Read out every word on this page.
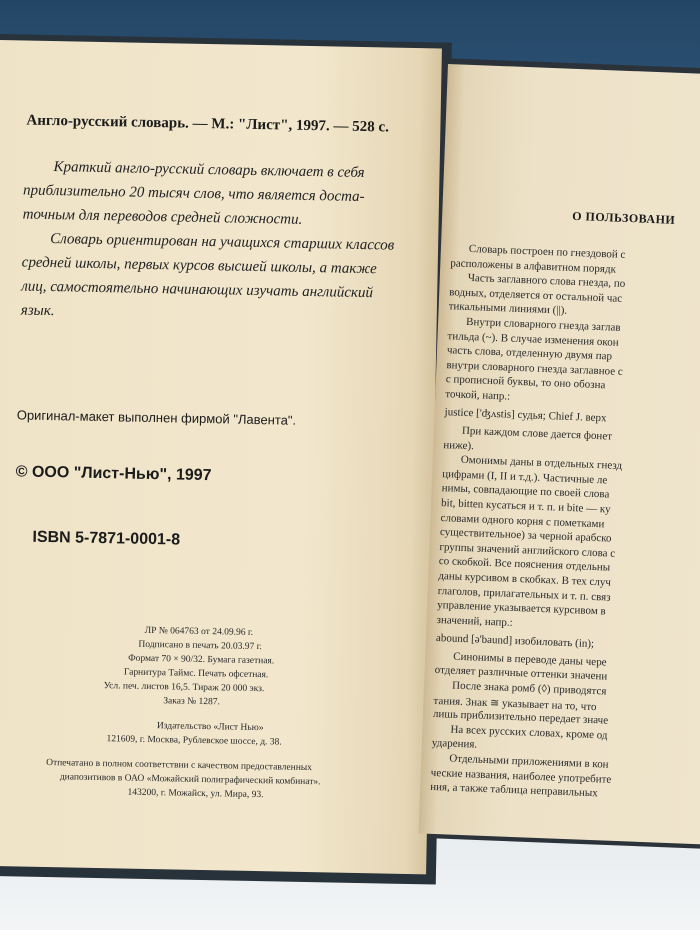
Англо-русский словарь. — М.: "Лист", 1997. — 528 с.
Краткий англо-русский словарь включает в себя
приблизительно 20 тысяч слов, что является доста-
точным для переводов средней сложности.
Словарь ориентирован на учащихся старших классов
средней школы, первых курсов высшей школы, а также
лиц, самостоятельно начинающих изучать английский
язык.
Оригинал-макет выполнен фирмой "Лавента".
© ООО "Лист-Нью", 1997
ISBN 5-7871-0001-8
ЛР № 064763 от 24.09.96 г.
Подписано в печать 20.03.97 г.
Формат 70 × 90/32. Бумага газетная.
Гарнитура Таймс. Печать офсетная.
Усл. печ. листов 16,5. Тираж 20 000 экз.
Заказ № 1287.
Издательство «Лист Нью»
121609, г. Москва, Рублевское шоссе, д. 38.
Отпечатано в полном соответствии с качеством предоставленных
диапозитивов в ОАО «Можайский полиграфический комбинат».
143200, г. Можайск, ул. Мира, 93.
О ПОЛЬЗОВАНИ
Словарь построен по гнездовой с
расположены в алфавитном порядк
Часть заглавного слова гнезда, по
водных, отделяется от остальной час
тикальными линиями (||).
Внутри словарного гнезда заглав
тильда (~). В случае изменения окон
часть слова, отделенную двумя пар
внутри словарного гнезда заглавное с
с прописной буквы, то оно обозна
точкой, напр.:
justice ['ʤʌstis] судья; Chief J. верх
При каждом слове дается фонет
ниже).
Омонимы даны в отдельных гнезд
цифрами (I, II и т.д.). Частичные ле
нимы, совпадающие по своей слова
bit, bitten кусаться и т. п. и bite — ку
словами одного корня с пометками
существительное) за черной арабско
группы значений английского слова с
со скобкой. Все пояснения отдельны
даны курсивом в скобках. В тех случ
глаголов, прилагательных и т. п. связ
управление указывается курсивом в
значений, напр.:
abound [ə'baund] изобиловать (in);
Синонимы в переводе даны чере
отделяет различные оттенки значени
После знака ромб (◊) приводятся
тания. Знак ≅ указывает на то, что
лишь приблизительно передает значе
На всех русских словах, кроме од
ударения.
Отдельными приложениями в кон
ческие названия, наиболее употребите
ния, а также таблица неправильных
